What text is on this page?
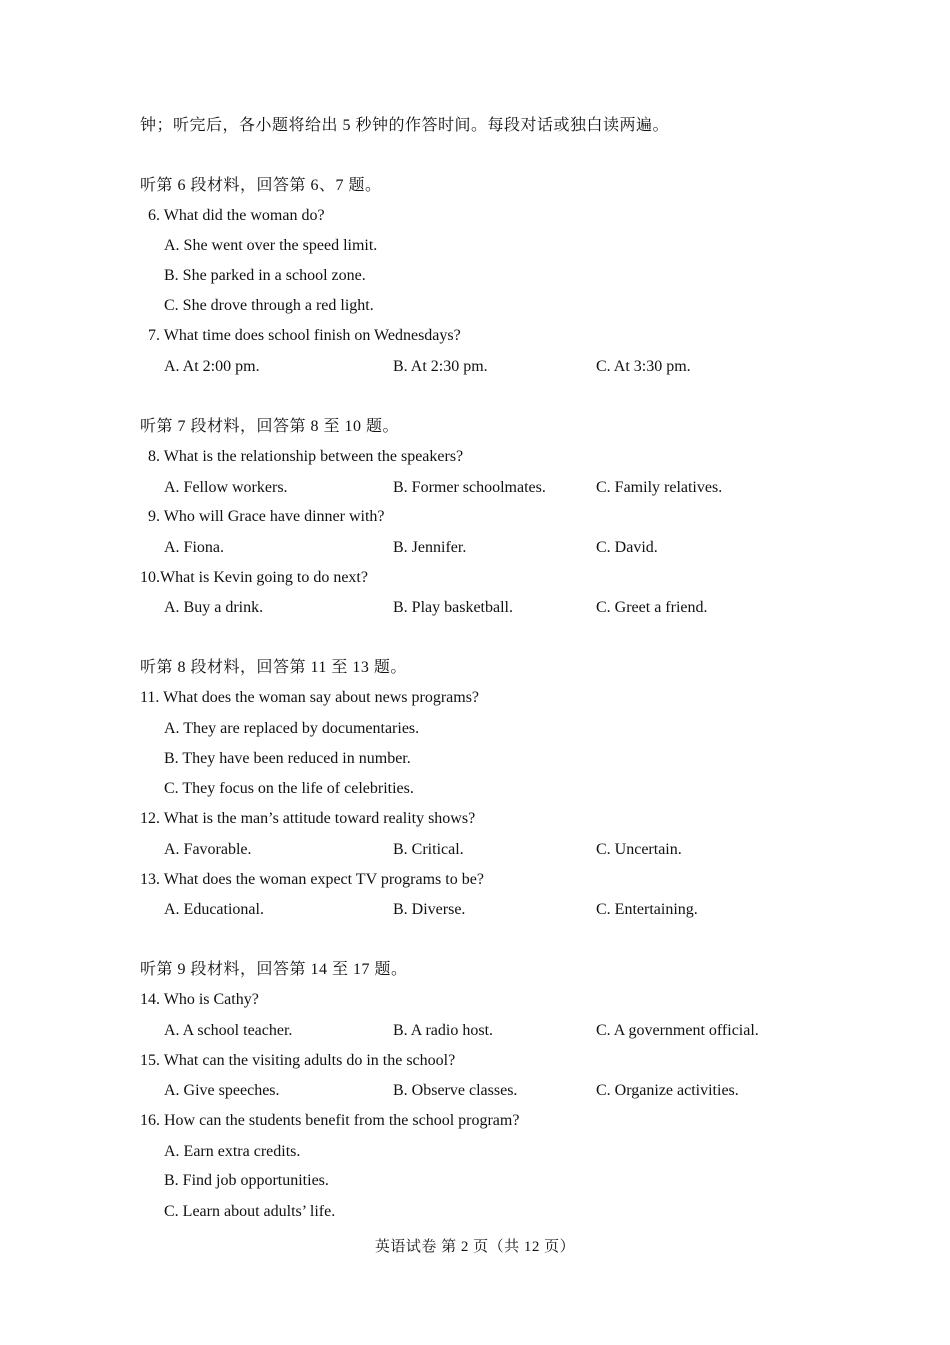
钟；听完后，各小题将给出 5 秒钟的作答时间。每段对话或独白读两遍。
听第 6 段材料，回答第 6、7 题。
6. What did the woman do?
A. She went over the speed limit.
B. She parked in a school zone.
C. She drove through a red light.
7. What time does school finish on Wednesdays?
A. At 2:00 pm.	B. At 2:30 pm.	C. At 3:30 pm.
听第 7 段材料，回答第 8 至 10 题。
8. What is the relationship between the speakers?
A. Fellow workers.	B. Former schoolmates.	C. Family relatives.
9. Who will Grace have dinner with?
A. Fiona.	B. Jennifer.	C. David.
10.What is Kevin going to do next?
A. Buy a drink.	B. Play basketball.	C. Greet a friend.
听第 8 段材料，回答第 11 至 13 题。
11. What does the woman say about news programs?
A. They are replaced by documentaries.
B. They have been reduced in number.
C. They focus on the life of celebrities.
12. What is the man’s attitude toward reality shows?
A. Favorable.	B. Critical.	C. Uncertain.
13. What does the woman expect TV programs to be?
A. Educational.	B. Diverse.	C. Entertaining.
听第 9 段材料，回答第 14 至 17 题。
14. Who is Cathy?
A. A school teacher.	B. A radio host.	C. A government official.
15. What can the visiting adults do in the school?
A. Give speeches.	B. Observe classes.	C. Organize activities.
16. How can the students benefit from the school program?
A. Earn extra credits.
B. Find job opportunities.
C. Learn about adults’ life.
英语试卷 第 2 页（共 12 页）
